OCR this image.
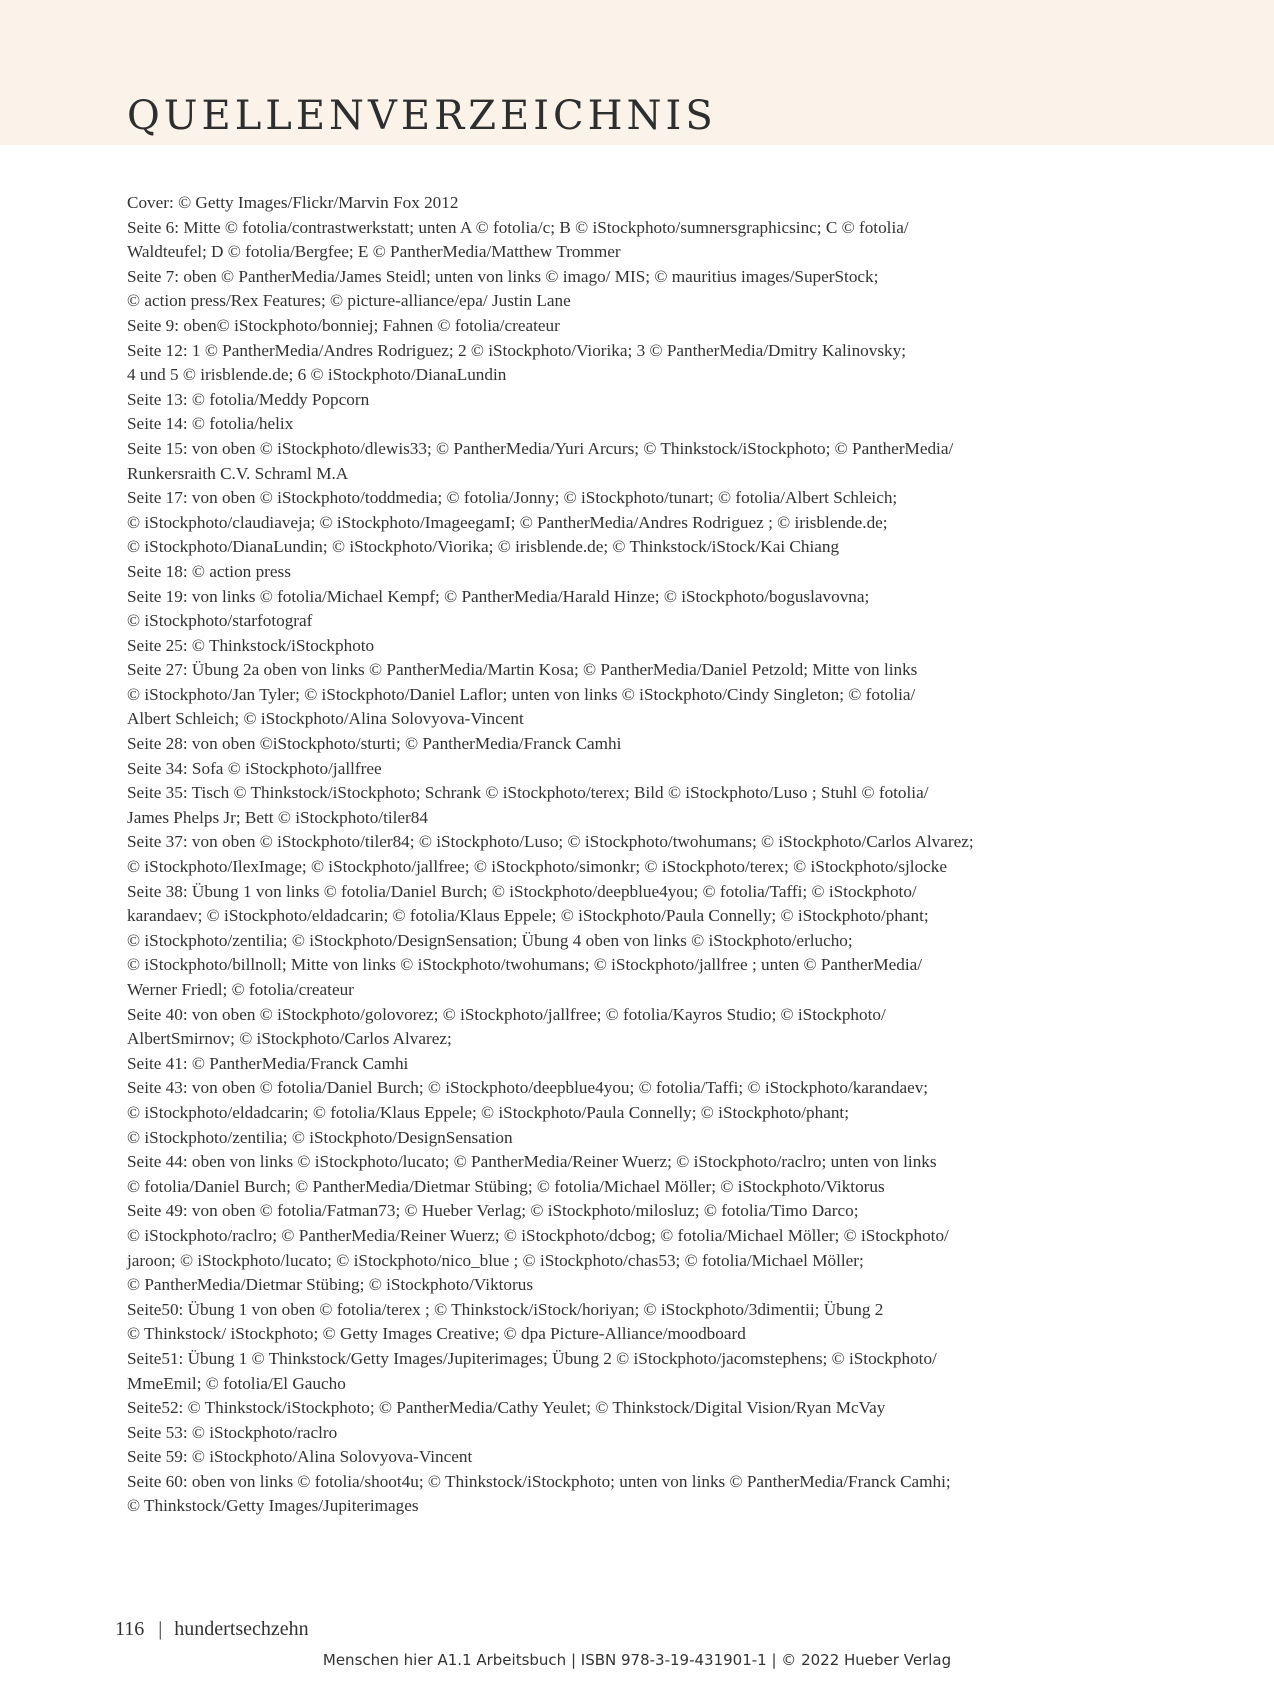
QUELLENVERZEICHNIS
Cover: © Getty Images/Flickr/Marvin Fox 2012
Seite 6: Mitte © fotolia/contrastwerkstatt; unten A © fotolia/c; B © iStockphoto/sumnersgraphicsinc; C © fotolia/
Waldteufel; D © fotolia/Bergfee; E © PantherMedia/Matthew Trommer
Seite 7: oben © PantherMedia/James Steidl; unten von links © imago/ MIS; © mauritius images/SuperStock;
© action press/Rex Features; © picture-alliance/epa/ Justin Lane
Seite 9: oben© iStockphoto/bonniej; Fahnen © fotolia/createur
Seite 12: 1 © PantherMedia/Andres Rodriguez; 2 © iStockphoto/Viorika; 3 © PantherMedia/Dmitry Kalinovsky;
4 und 5 © irisblende.de; 6 © iStockphoto/DianaLundin
Seite 13: © fotolia/Meddy Popcorn
Seite 14: © fotolia/helix
Seite 15: von oben © iStockphoto/dlewis33; © PantherMedia/Yuri Arcurs; © Thinkstock/iStockphoto; © PantherMedia/
Runkersraith C.V. Schraml M.A
Seite 17: von oben © iStockphoto/toddmedia; © fotolia/Jonny; © iStockphoto/tunart; © fotolia/Albert Schleich;
© iStockphoto/claudiaveja; © iStockphoto/ImageegamI; © PantherMedia/Andres Rodriguez ; © irisblende.de;
© iStockphoto/DianaLundin; © iStockphoto/Viorika; © irisblende.de; © Thinkstock/iStock/Kai Chiang
Seite 18: © action press
Seite 19: von links © fotolia/Michael Kempf; © PantherMedia/Harald Hinze; © iStockphoto/boguslavovna;
© iStockphoto/starfotograf
Seite 25: © Thinkstock/iStockphoto
Seite 27: Übung 2a oben von links © PantherMedia/Martin Kosa; © PantherMedia/Daniel Petzold; Mitte von links
© iStockphoto/Jan Tyler; © iStockphoto/Daniel Laflor; unten von links © iStockphoto/Cindy Singleton; © fotolia/
Albert Schleich; © iStockphoto/Alina Solovyova-Vincent
Seite 28: von oben ©iStockphoto/sturti; © PantherMedia/Franck Camhi
Seite 34: Sofa © iStockphoto/jallfree
Seite 35: Tisch © Thinkstock/iStockphoto; Schrank © iStockphoto/terex; Bild © iStockphoto/Luso ; Stuhl © fotolia/
James Phelps Jr; Bett © iStockphoto/tiler84
Seite 37: von oben © iStockphoto/tiler84; © iStockphoto/Luso; © iStockphoto/twohumans; © iStockphoto/Carlos Alvarez;
© iStockphoto/IlexImage; © iStockphoto/jallfree; © iStockphoto/simonkr; © iStockphoto/terex; © iStockphoto/sjlocke
Seite 38: Übung 1 von links © fotolia/Daniel Burch; © iStockphoto/deepblue4you; © fotolia/Taffi; © iStockphoto/
karandaev; © iStockphoto/eldadcarin; © fotolia/Klaus Eppele; © iStockphoto/Paula Connelly; © iStockphoto/phant;
© iStockphoto/zentilia; © iStockphoto/DesignSensation; Übung 4 oben von links © iStockphoto/erlucho;
© iStockphoto/billnoll; Mitte von links © iStockphoto/twohumans; © iStockphoto/jallfree ; unten © PantherMedia/
Werner Friedl; © fotolia/createur
Seite 40: von oben © iStockphoto/golovorez; © iStockphoto/jallfree; © fotolia/Kayros Studio; © iStockphoto/
AlbertSmirnov; © iStockphoto/Carlos Alvarez;
Seite 41: © PantherMedia/Franck Camhi
Seite 43: von oben © fotolia/Daniel Burch; © iStockphoto/deepblue4you; © fotolia/Taffi; © iStockphoto/karandaev;
© iStockphoto/eldadcarin; © fotolia/Klaus Eppele; © iStockphoto/Paula Connelly; © iStockphoto/phant;
© iStockphoto/zentilia; © iStockphoto/DesignSensation
Seite 44: oben von links © iStockphoto/lucato; © PantherMedia/Reiner Wuerz; © iStockphoto/raclro; unten von links
© fotolia/Daniel Burch; © PantherMedia/Dietmar Stübing; © fotolia/Michael Möller; © iStockphoto/Viktorus
Seite 49: von oben © fotolia/Fatman73; © Hueber Verlag; © iStockphoto/milosluz; © fotolia/Timo Darco;
© iStockphoto/raclro; © PantherMedia/Reiner Wuerz; © iStockphoto/dcbog; © fotolia/Michael Möller; © iStockphoto/
jaroon; © iStockphoto/lucato; © iStockphoto/nico_blue ; © iStockphoto/chas53; © fotolia/Michael Möller;
© PantherMedia/Dietmar Stübing; © iStockphoto/Viktorus
Seite50: Übung 1 von oben © fotolia/terex ; © Thinkstock/iStock/horiyan; © iStockphoto/3dimentii; Übung 2
© Thinkstock/ iStockphoto; © Getty Images Creative; © dpa Picture-Alliance/moodboard
Seite51: Übung 1 © Thinkstock/Getty Images/Jupiterimages; Übung 2 © iStockphoto/jacomstephens; © iStockphoto/
MmeEmil; © fotolia/El Gaucho
Seite52: © Thinkstock/iStockphoto; © PantherMedia/Cathy Yeulet; © Thinkstock/Digital Vision/Ryan McVay
Seite 53: © iStockphoto/raclro
Seite 59: © iStockphoto/Alina Solovyova-Vincent
Seite 60: oben von links © fotolia/shoot4u; © Thinkstock/iStockphoto; unten von links © PantherMedia/Franck Camhi;
© Thinkstock/Getty Images/Jupiterimages
116 | hundertsechzehn
Menschen hier A1.1 Arbeitsbuch | ISBN 978-3-19-431901-1 | © 2022 Hueber Verlag
